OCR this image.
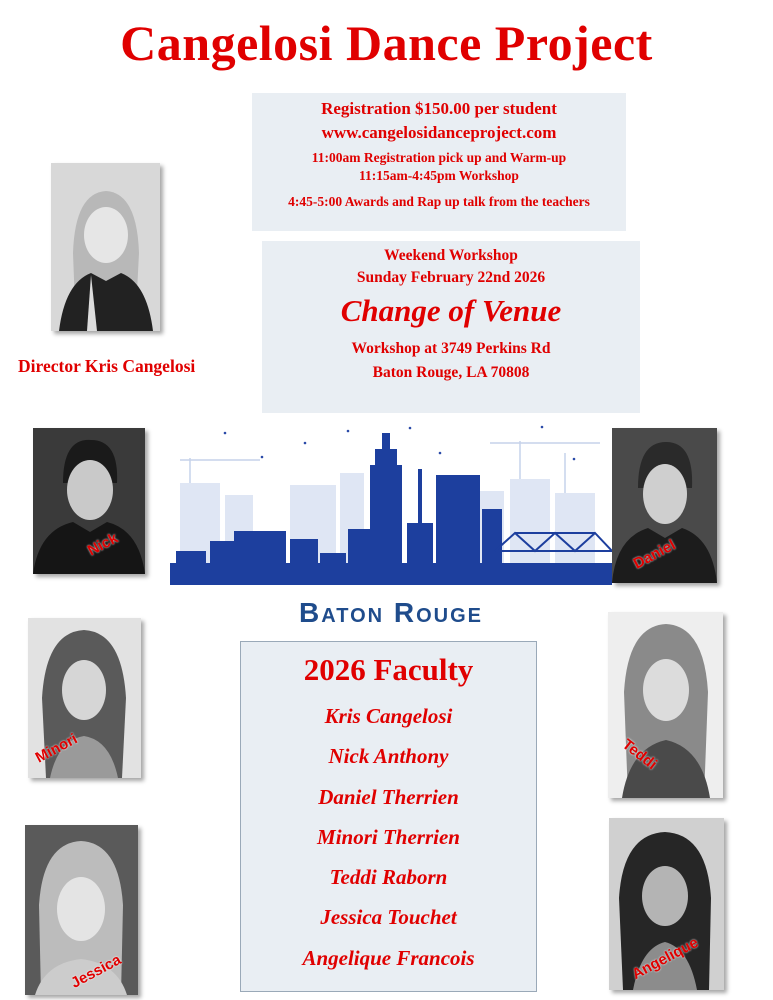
Cangelosi Dance Project
Registration $150.00 per student
www.cangelosidanceproject.com
11:00am Registration pick up and Warm-up
11:15am-4:45pm Workshop
4:45-5:00 Awards and Rap up talk from the teachers
Weekend Workshop
Sunday February 22nd 2026
Change of Venue
Workshop at 3749 Perkins Rd
Baton Rouge, LA 70808
Director Kris Cangelosi
Nick	Daniel
Minori	Teddi
Jessica	Angelique
Baton Rouge
2026 Faculty
Kris Cangelosi
Nick Anthony
Daniel Therrien
Minori Therrien
Teddi Raborn
Jessica Touchet
Angelique Francois
